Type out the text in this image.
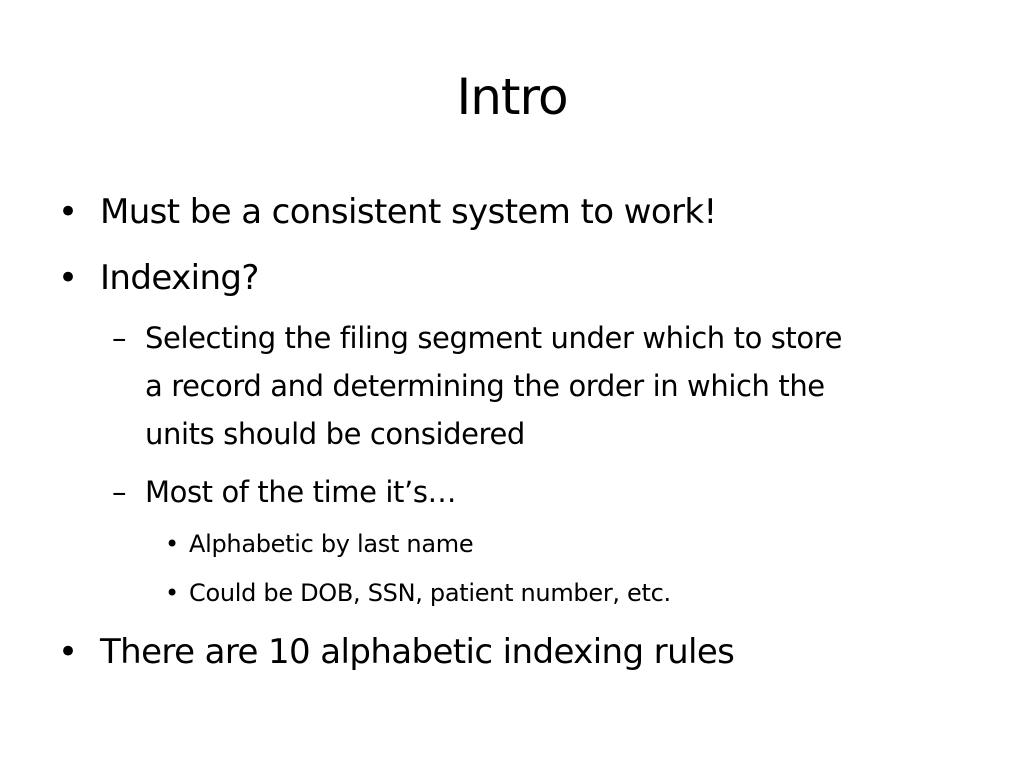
Intro
• Must be a consistent system to work!
• Indexing?
– Selecting the filing segment under which to store
a record and determining the order in which the
units should be considered
– Most of the time it’s…
• Alphabetic by last name
• Could be DOB, SSN, patient number, etc.
• There are 10 alphabetic indexing rules
